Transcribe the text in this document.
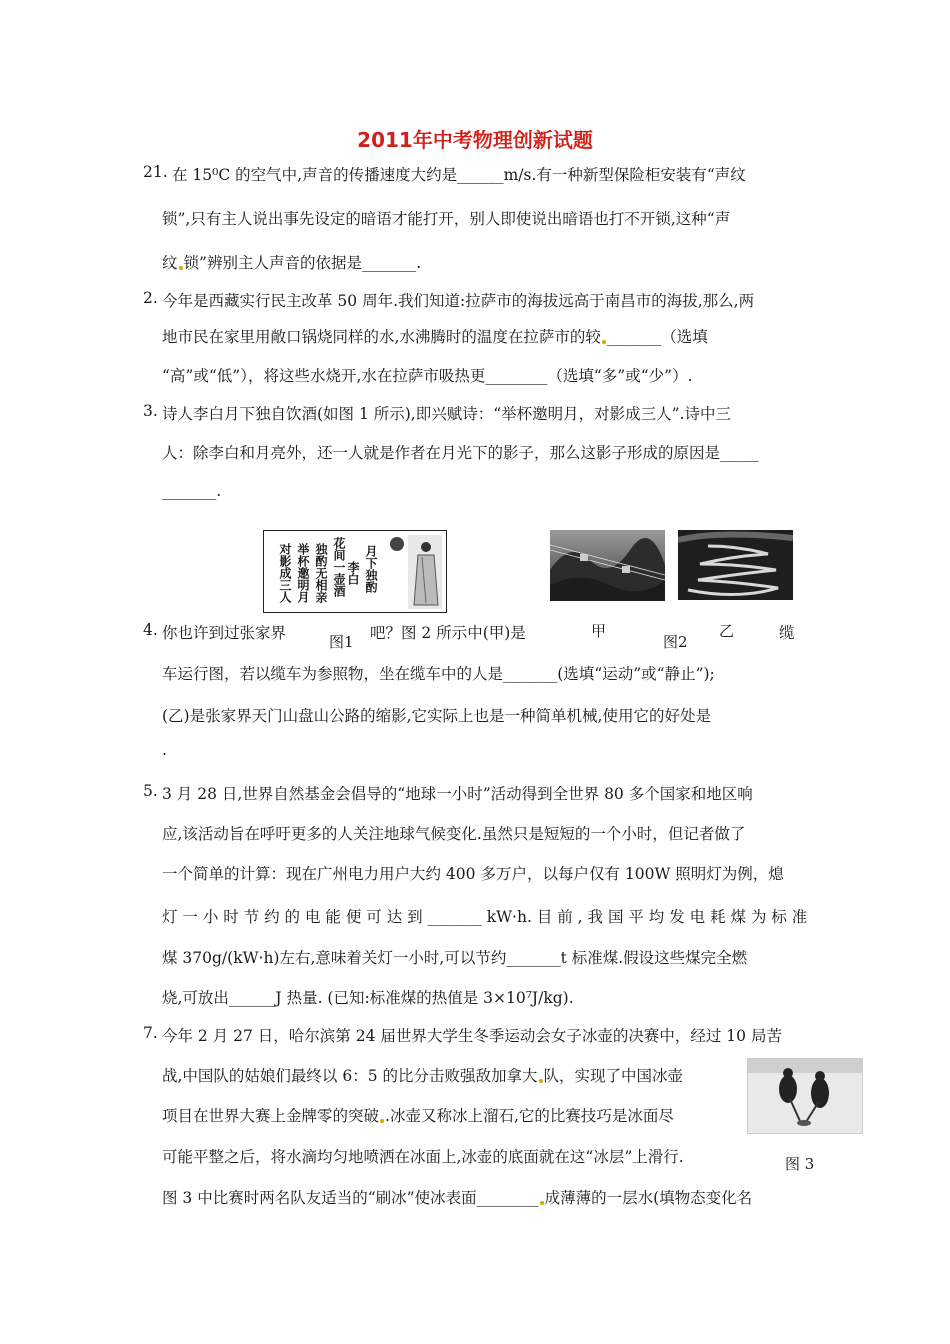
2011年中考物理创新试题
21. 在 15⁰C 的空气中,声音的传播速度大约是______m/s.有一种新型保险柜安装有“声纹
锁”,只有主人说出事先设定的暗语才能打开，别人即使说出暗语也打不开锁,这种“声
纹 锁”辨别主人声音的依据是_______.
2. 今年是西藏实行民主改革 50 周年.我们知道:拉萨市的海拔远高于南昌市的海拔,那么,两
地市民在家里用敞口锅烧同样的水,水沸腾时的温度在拉萨市的较 _______（选填
“高”或“低”），将这些水烧开,水在拉萨市吸热更________（选填“多”或“少”）.
3. 诗人李白月下独自饮酒(如图 1 所示),即兴赋诗：“举杯邀明月，对影成三人”.诗中三
人：除李白和月亮外，还一人就是作者在月光下的影子，那么这影子形成的原因是_____
_______.
月下独酌
李白
花间一壶酒
独酌无相亲
举杯邀明月
对影成三人
4. 你也许到过张家界	图1 吧？图 2 所示中(甲)是	甲
图2
乙	缆
车运行图，若以缆车为参照物，坐在缆车中的人是_______(选填“运动”或“静止”);
(乙)是张家界天门山盘山公路的缩影,它实际上也是一种简单机械,使用它的好处是
.
5. 3 月 28 日,世界自然基金会倡导的“地球一小时”活动得到全世界 80 多个国家和地区响
应,该活动旨在呼吁更多的人关注地球气候变化.虽然只是短短的一个小时，但记者做了
一个简单的计算：现在广州电力用户大约 400 多万户，以每户仅有 100W 照明灯为例，熄
灯 一 小 时 节 约 的 电 能 便 可 达 到 _______ kW·h. 目 前 , 我 国 平 均 发 电 耗 煤 为 标 准
煤 370g/(kW·h)左右,意味着关灯一小时,可以节约_______t 标准煤.假设这些煤完全燃
烧,可放出______J 热量. (已知:标准煤的热值是 3×10⁷J/kg).
7. 今年 2 月 27 日，哈尔滨第 24 届世界大学生冬季运动会女子冰壶的决赛中，经过 10 局苦
战,中国队的姑娘们最终以 6：5 的比分击败强敌加拿大 队，实现了中国冰壶
项目在世界大赛上金牌零的突破 .冰壶又称冰上溜石,它的比赛技巧是冰面尽
可能平整之后，将水滴均匀地喷洒在冰面上,冰壶的底面就在这“冰层”上滑行.	图 3
图 3 中比赛时两名队友适当的“刷冰”使冰表面________ 成薄薄的一层水(填物态变化名
